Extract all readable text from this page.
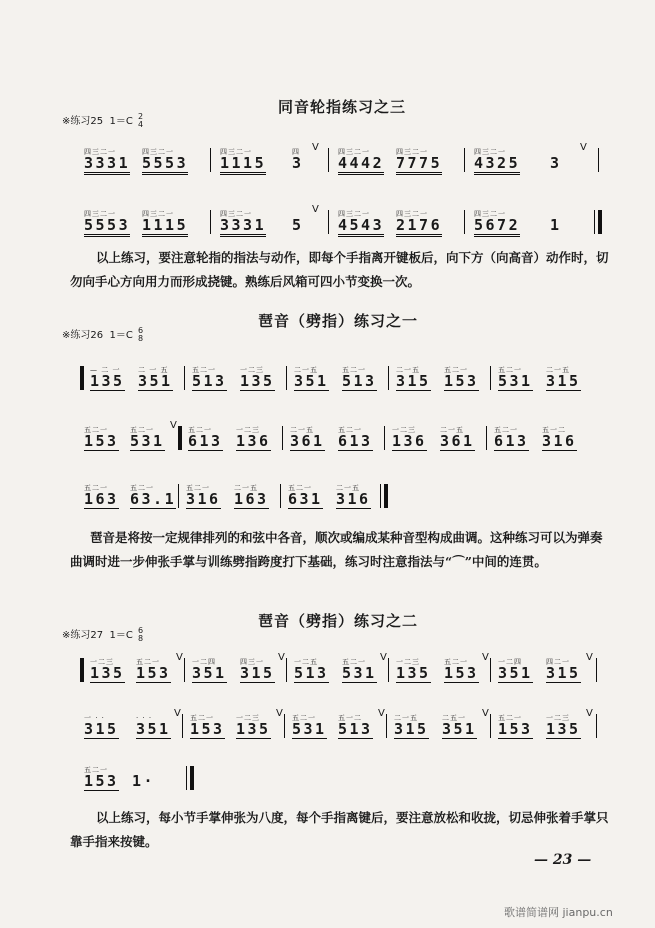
同音轮指练习之三
※练习25 1＝C 2
4
四三二一
3331
四三二一
5553
四三二一
1115
四
3
V	四三二一
4442
四三二一
7775
四三二一
4325
3
V
四三二一
5553
四三二一
1115
四三二一
3331
5
V	四三二一
4543
四三二一
2176
四三二一
5672
1
以上练习，要注意轮指的指法与动作，即每个手指离开键板后，向下方（向高音）动作时，切勿向手心方向用力而形成挠键。熟练后风箱可四小节变换一次。
琶音（劈指）练习之一
※练习26 1＝C 6
8
— 二 一
135
二 一 五
351
五二一
513
一二三
135
二一五
351
五二一
513
二一五
315
五二一
153
五二一
531
二一五
315
五二一
153
五二一
531
V 五二一
613
一二三
136
二一五
361
五二一
613
一二三
136
二一五
361
五二一
613
五一二
316
五二一
163
五二一
63.1
五二一
316
二一五
163
五二一
631
二一五
316
琶音是将按一定规律排列的和弦中各音，顺次或编成某种音型构成曲调。这种练习可以为弹奏曲调时进一步伸张手掌与训练劈指跨度打下基础，练习时注意指法与“⌒”中间的连贯。
琶音（劈指）练习之二
※练习27 1＝C 6
8
一二三
135
五二一
153
V 一二四
351
四三一
315
V 一二五
513
五二一
531
V 一二三
135
五二一
153
V 一二四
351
四二一
315
V
一 · ·
315
· · ·
351
V 五二一
153
一二三
135
V 五二一
531
五一二
513
V 二一五
315
二五一
351
V 五二一
153
一二三
135
V
五二一
153
1·
以上练习，每小节手掌伸张为八度，每个手指离键后，要注意放松和收拢，切忌伸张着手掌只靠手指来按键。
— 23 —
歌谱简谱网 jianpu.cn
